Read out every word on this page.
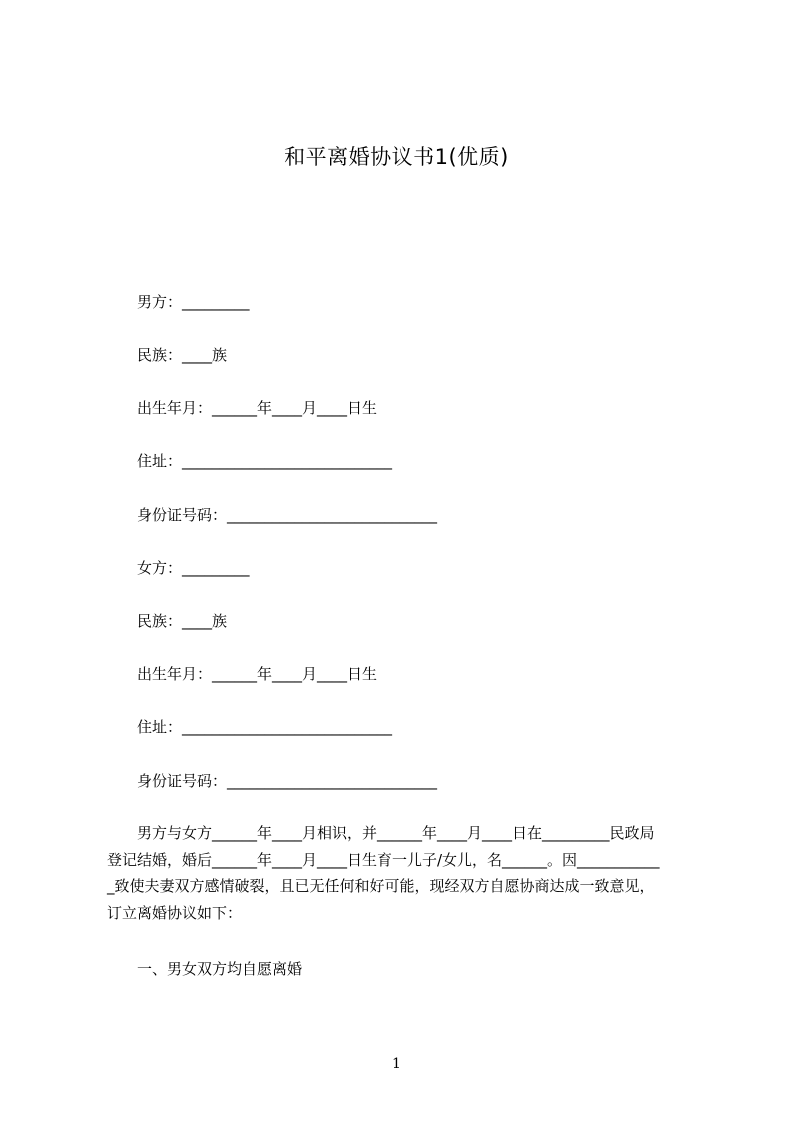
和平离婚协议书1(优质)
男方：_________
民族：____族
出生年月：______年____月____日生
住址：____________________________
身份证号码：____________________________
女方：_________
民族：____族
出生年月：______年____月____日生
住址：____________________________
身份证号码：____________________________
男方与女方______年____月相识，并______年____月____日在_________民政局
登记结婚，婚后______年____月____日生育一儿子/女儿，名______。因___________
_致使夫妻双方感情破裂，且已无任何和好可能，现经双方自愿协商达成一致意见，
订立离婚协议如下：
一、男女双方均自愿离婚
1
